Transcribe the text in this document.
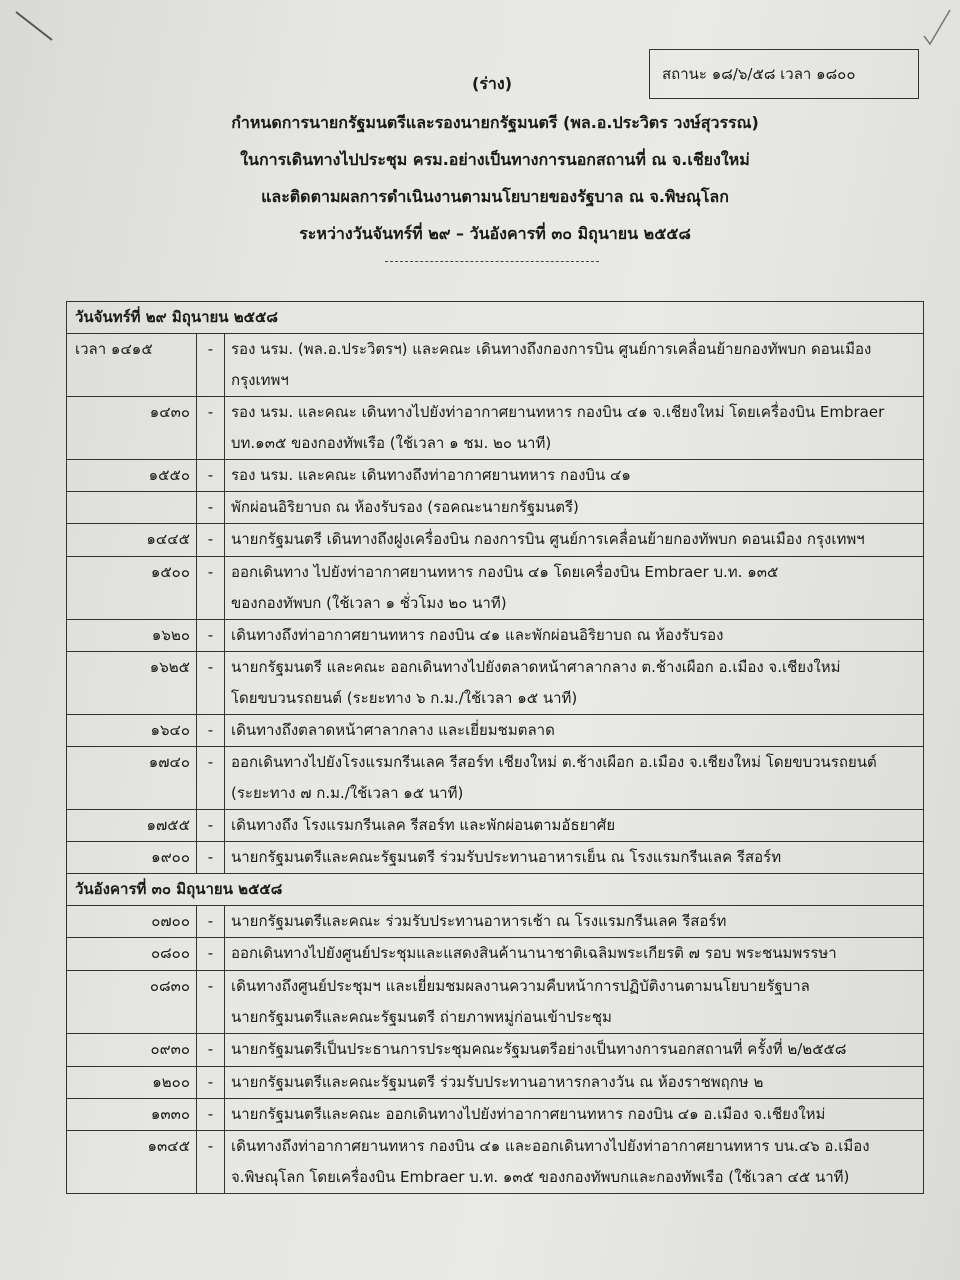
สถานะ ๑๘/๖/๕๘ เวลา ๑๘๐๐
(ร่าง)
กำหนดการนายกรัฐมนตรีและรองนายกรัฐมนตรี (พล.อ.ประวิตร วงษ์สุวรรณ)
ในการเดินทางไปประชุม ครม.อย่างเป็นทางการนอกสถานที่ ณ จ.เชียงใหม่
และติดตามผลการดำเนินงานตามนโยบายของรัฐบาล ณ จ.พิษณุโลก
ระหว่างวันจันทร์ที่ ๒๙ – วันอังคารที่ ๓๐ มิถุนายน ๒๕๕๘
วันจันทร์ที่ ๒๙ มิถุนายน ๒๕๕๘		
เวลา ๑๔๑๕	-	รอง นรม. (พล.อ.ประวิตรฯ) และคณะ เดินทางถึงกองการบิน ศูนย์การเคลื่อนย้ายกองทัพบก ดอนเมือง
กรุงเทพฯ

๑๔๓๐	-	รอง นรม. และคณะ เดินทางไปยังท่าอากาศยานทหาร กองบิน ๔๑ จ.เชียงใหม่ โดยเครื่องบิน Embraer
บท.๑๓๕ ของกองทัพเรือ (ใช้เวลา ๑ ชม. ๒๐ นาที)

๑๕๕๐	-	รอง นรม. และคณะ เดินทางถึงท่าอากาศยานทหาร กองบิน ๔๑

	-	พักผ่อนอิริยาบถ ณ ห้องรับรอง (รอคณะนายกรัฐมนตรี)

๑๔๔๕	-	นายกรัฐมนตรี เดินทางถึงฝูงเครื่องบิน กองการบิน ศูนย์การเคลื่อนย้ายกองทัพบก ดอนเมือง กรุงเทพฯ

๑๕๐๐	-	ออกเดินทาง ไปยังท่าอากาศยานทหาร กองบิน ๔๑ โดยเครื่องบิน Embraer บ.ท. ๑๓๕
ของกองทัพบก (ใช้เวลา ๑ ชั่วโมง ๒๐ นาที)

๑๖๒๐	-	เดินทางถึงท่าอากาศยานทหาร กองบิน ๔๑ และพักผ่อนอิริยาบถ ณ ห้องรับรอง

๑๖๒๕	-	นายกรัฐมนตรี และคณะ ออกเดินทางไปยังตลาดหน้าศาลากลาง ต.ช้างเผือก อ.เมือง จ.เชียงใหม่
โดยขบวนรถยนต์ (ระยะทาง ๖ ก.ม./ใช้เวลา ๑๕ นาที)

๑๖๔๐	-	เดินทางถึงตลาดหน้าศาลากลาง และเยี่ยมชมตลาด

๑๗๔๐	-	ออกเดินทางไปยังโรงแรมกรีนเลค รีสอร์ท เชียงใหม่ ต.ช้างเผือก อ.เมือง จ.เชียงใหม่ โดยขบวนรถยนต์
(ระยะทาง ๗ ก.ม./ใช้เวลา ๑๕ นาที)

๑๗๕๕	-	เดินทางถึง โรงแรมกรีนเลค รีสอร์ท และพักผ่อนตามอัธยาศัย

๑๙๐๐	-	นายกรัฐมนตรีและคณะรัฐมนตรี ร่วมรับประทานอาหารเย็น ณ โรงแรมกรีนเลค รีสอร์ท

วันอังคารที่ ๓๐ มิถุนายน ๒๕๕๘		
๐๗๐๐	-	นายกรัฐมนตรีและคณะ ร่วมรับประทานอาหารเช้า ณ โรงแรมกรีนเลค รีสอร์ท

๐๘๐๐	-	ออกเดินทางไปยังศูนย์ประชุมและแสดงสินค้านานาชาติเฉลิมพระเกียรติ ๗ รอบ พระชนมพรรษา

๐๘๓๐	-	เดินทางถึงศูนย์ประชุมฯ และเยี่ยมชมผลงานความคืบหน้าการปฏิบัติงานตามนโยบายรัฐบาล
นายกรัฐมนตรีและคณะรัฐมนตรี ถ่ายภาพหมู่ก่อนเข้าประชุม

๐๙๓๐	-	นายกรัฐมนตรีเป็นประธานการประชุมคณะรัฐมนตรีอย่างเป็นทางการนอกสถานที่ ครั้งที่ ๒/๒๕๕๘

๑๒๐๐	-	นายกรัฐมนตรีและคณะรัฐมนตรี ร่วมรับประทานอาหารกลางวัน ณ ห้องราชพฤกษ ๒

๑๓๓๐	-	นายกรัฐมนตรีและคณะ ออกเดินทางไปยังท่าอากาศยานทหาร กองบิน ๔๑ อ.เมือง จ.เชียงใหม่

๑๓๔๕	-	เดินทางถึงท่าอากาศยานทหาร กองบิน ๔๑ และออกเดินทางไปยังท่าอากาศยานทหาร บน.๔๖ อ.เมือง
จ.พิษณุโลก โดยเครื่องบิน Embraer บ.ท. ๑๓๕ ของกองทัพบกและกองทัพเรือ (ใช้เวลา ๔๕ นาที)
